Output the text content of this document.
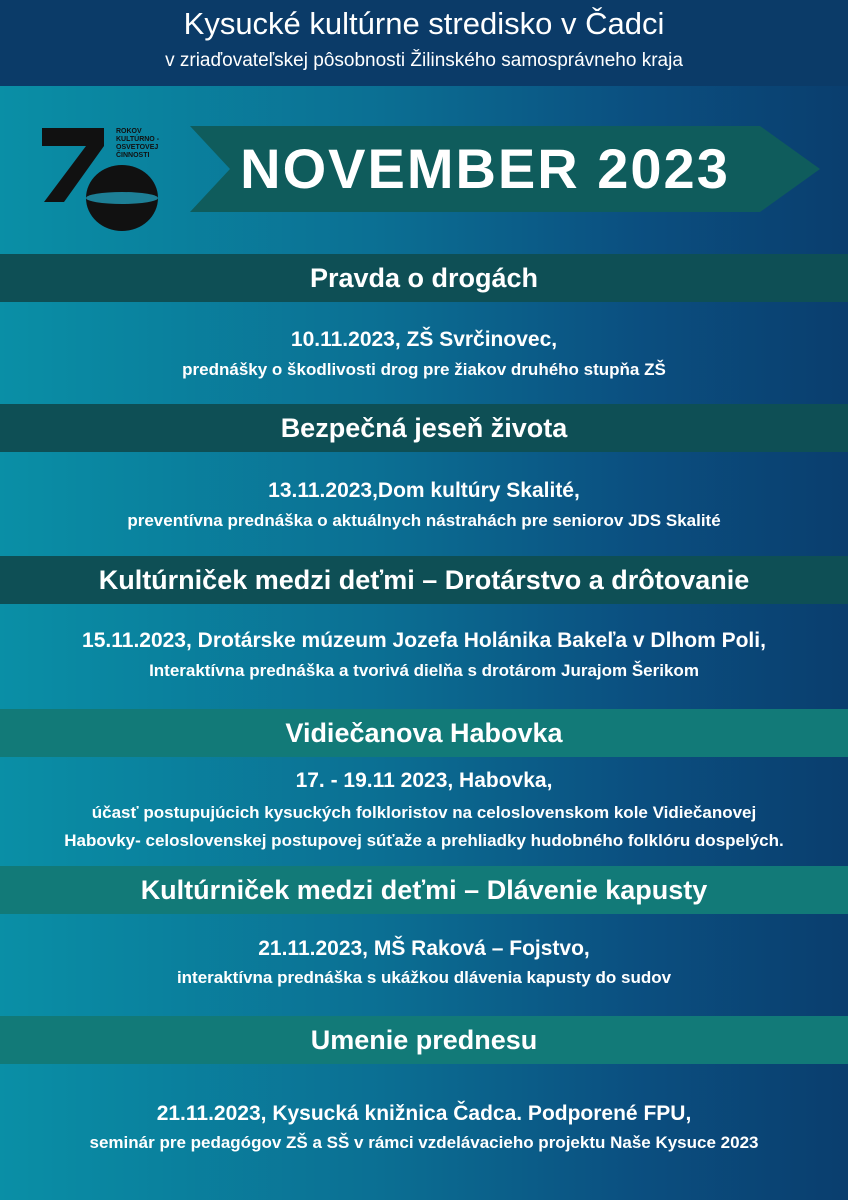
Kysucké kultúrne stredisko v Čadci
v zriaďovateľskej pôsobnosti Žilinského samosprávneho kraja
ROKOV
KULTÚRNO -
OSVETOVEJ
ČINNOSTI	NOVEMBER 2023
Pravda o drogách
10.11.2023, ZŠ Svrčinovec,
prednášky o škodlivosti drog pre žiakov druhého stupňa ZŠ
Bezpečná jeseň života
13.11.2023,Dom kultúry Skalité,
preventívna prednáška o aktuálnych nástrahách pre seniorov JDS Skalité
Kultúrniček medzi deťmi – Drotárstvo a drôtovanie
15.11.2023, Drotárske múzeum Jozefa Holánika Bakeľa v Dlhom Poli,
Interaktívna prednáška a tvorivá dielňa s drotárom Jurajom Šerikom
Vidiečanova Habovka
17. - 19.11 2023, Habovka,
účasť postupujúcich kysuckých folkloristov na celoslovenskom kole Vidiečanovej
Habovky- celoslovenskej postupovej súťaže a prehliadky hudobného folklóru dospelých.
Kultúrniček medzi deťmi – Dlávenie kapusty
21.11.2023, MŠ Raková – Fojstvo,
interaktívna prednáška s ukážkou dlávenia kapusty do sudov
Umenie prednesu
21.11.2023, Kysucká knižnica Čadca. Podporené FPU,
seminár pre pedagógov ZŠ a SŠ v rámci vzdelávacieho projektu Naše Kysuce 2023
